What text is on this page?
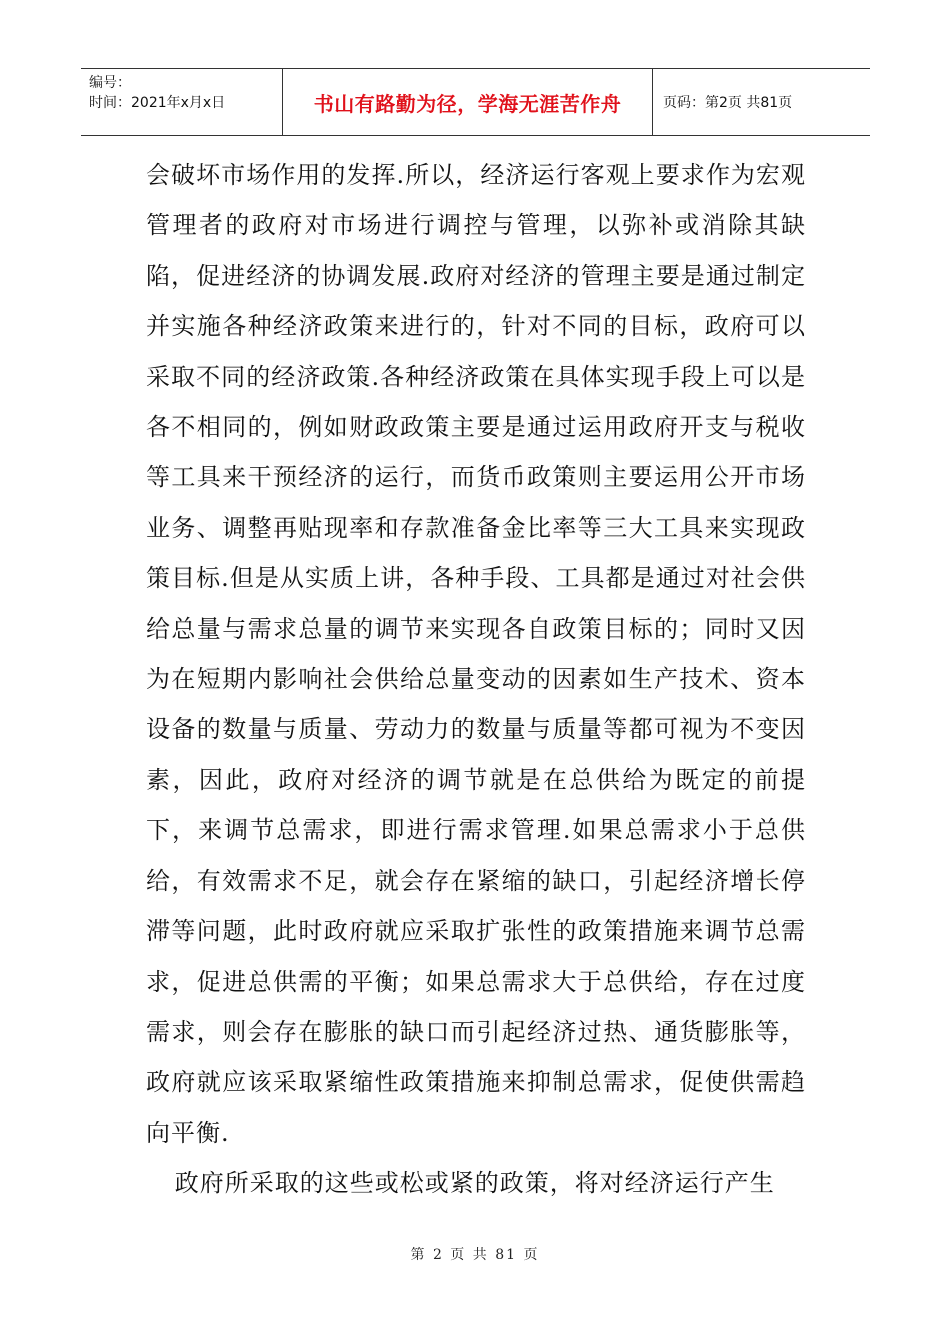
编号：
时间：2021年x月x日	书山有路勤为径，学海无涯苦作舟	页码：第2页 共81页

会破坏市场作用的发挥.所以，经济运行客观上要求作为宏观管理者的政府对市场进行调控与管理，以弥补或消除其缺陷，促进经济的协调发展.政府对经济的管理主要是通过制定并实施各种经济政策来进行的，针对不同的目标，政府可以采取不同的经济政策.各种经济政策在具体实现手段上可以是各不相同的，例如财政政策主要是通过运用政府开支与税收等工具来干预经济的运行，而货币政策则主要运用公开市场业务、调整再贴现率和存款准备金比率等三大工具来实现政策目标.但是从实质上讲，各种手段、工具都是通过对社会供给总量与需求总量的调节来实现各自政策目标的；同时又因为在短期内影响社会供给总量变动的因素如生产技术、资本设备的数量与质量、劳动力的数量与质量等都可视为不变因素，因此，政府对经济的调节就是在总供给为既定的前提下，来调节总需求，即进行需求管理.如果总需求小于总供给，有效需求不足，就会存在紧缩的缺口，引起经济增长停滞等问题，此时政府就应采取扩张性的政策措施来调节总需求，促进总供需的平衡；如果总需求大于总供给，存在过度需求，则会存在膨胀的缺口而引起经济过热、通货膨胀等，政府就应该采取紧缩性政策措施来抑制总需求，促使供需趋向平衡.

政府所采取的这些或松或紧的政策，将对经济运行产生

第 2 页 共 81 页
